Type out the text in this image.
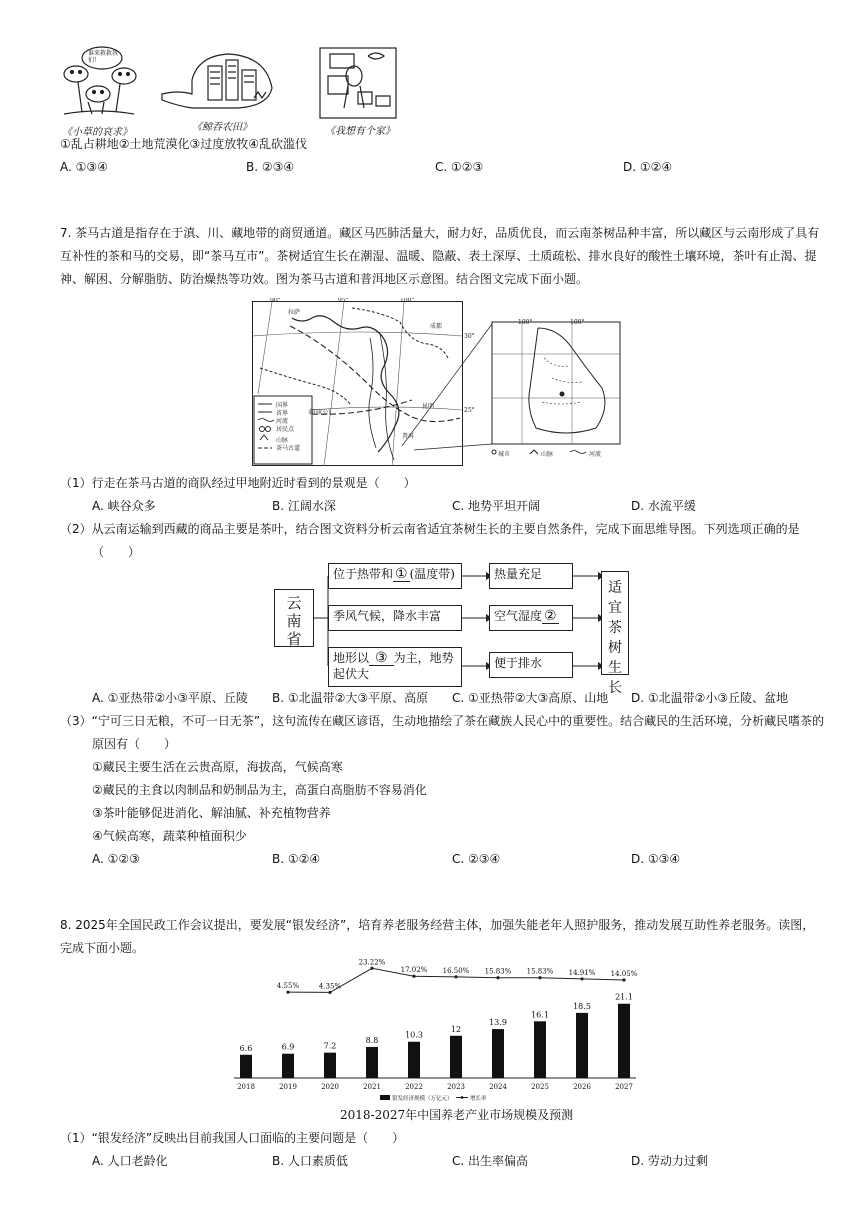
谁来救救我们！
《小草的哀求》	《鲸吞农田》	《我想有个家》
①乱占耕地②土地荒漠化③过度放牧④乱砍滥伐
A. ①③④	B. ②③④	C. ①②③	D. ①②④
7. 茶马古道是指存在于滇、川、藏地带的商贸通道。藏区马匹肺活量大，耐力好，品质优良，而云南茶树品种丰富，所以藏区与云南形成了具有互补性的茶和马的交易，即“茶马互市”。茶树适宜生长在潮湿、温暖、隐蔽、表土深厚、土质疏松、排水良好的酸性土壤环境，茶叶有止渴、提神、解困、分解脂肪、防治燥热等功效。图为茶马古道和普洱地区示意图。结合图文完成下面小题。
90°	95°	100°
30°
25°
拉萨
成都
昆明
普洱
泰国(公)
国界
省界
河流
居民点
山脉
茶马古道
100°	100°
城市	山脉	河流
（1）行走在茶马古道的商队经过甲地附近时看到的景观是（　　）
A. 峡谷众多	B. 江阔水深	C. 地势平坦开阔	D. 水流平缓
（2）从云南运输到西藏的商品主要是茶叶，结合图文资料分析云南省适宜茶树生长的主要自然条件，完成下面思维导图。下列选项正确的是
（　　）
云南省
位于热带和 ① (温度带)
季风气候，降水丰富
地形以 ③ 为主，地势起伏大
热量充足
空气湿度 ②
便于排水
适宜茶树生长
A. ①亚热带②小③平原、丘陵 B. ①北温带②大③平原、高原 C. ①亚热带②大③高原、山地 D. ①北温带②小③丘陵、盆地
（3）“宁可三日无粮，不可一日无茶”，这句流传在藏区谚语，生动地描绘了茶在藏族人民心中的重要性。结合藏民的生活环境，分析藏民嗜茶的
原因有（　　）
①藏民主要生活在云贵高原，海拔高，气候高寒
②藏民的主食以肉制品和奶制品为主，高蛋白高脂肪不容易消化
③茶叶能够促进消化、解油腻、补充植物营养
④气候高寒，蔬菜种植面积少
A. ①②③	B. ①②④	C. ②③④	D. ①③④
8. 2025年全国民政工作会议提出，要发展“银发经济”，培育养老服务经营主体，加强失能老年人照护服务，推动发展互助性养老服务。读图，完成下面小题。
6.6
2018
6.9
2019
7.2
2020
8.8
2021
10.3
2022
12
2023
13.9
2024
16.1
2025
18.5
2026
21.1
2027
4.55%	4.35%
23.22%
17.02% 16.50% 15.83% 15.83% 14.91% 14.05%
银发经济规模（万亿元）	增长率
2018-2027年中国养老产业市场规模及预测
（1）“银发经济”反映出目前我国人口面临的主要问题是（　　）
A. 人口老龄化	B. 人口素质低	C. 出生率偏高	D. 劳动力过剩
